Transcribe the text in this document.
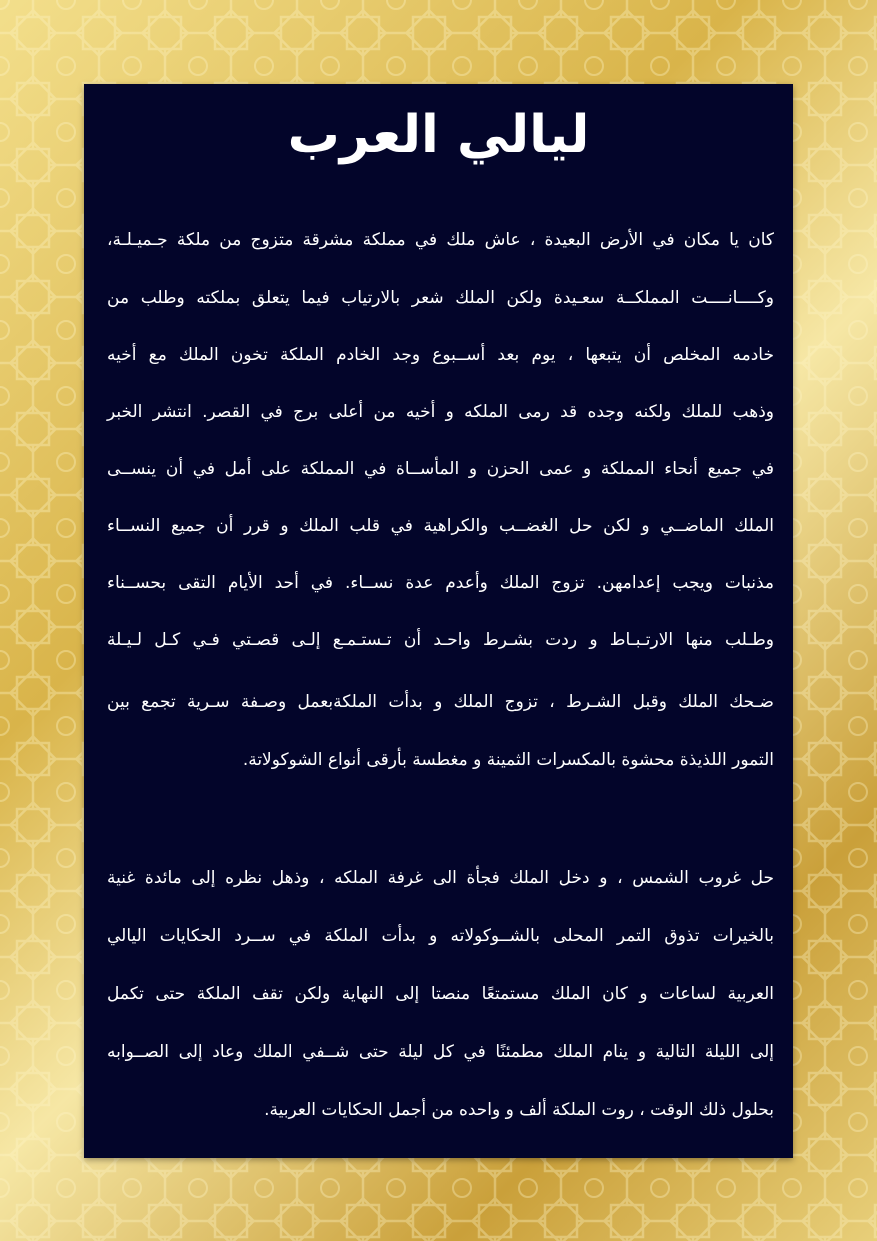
ليالي العرب
كان يا مكان في الأرض البعيدة ، عاش ملك في مملكة مشرقة متزوج من ملكة جـميـلـة،
وكــــانــــت المملكــة سعـيدة ولكن الملك شعر بالارتياب فيما يتعلق بملكته وطلب من
خادمه المخلص أن يتبعها ، يوم بعد أســبوع وجد الخادم الملكة تخون الملك مع أخيه
وذهب للملك ولكنه وجده قد رمى الملكه و أخيه من أعلى برج في القصر. انتشر الخبر
في جميع أنحاء المملكة و عمى الحزن و المأســاة في المملكة على أمل في أن ينســى
الملك الماضــي و لكن حل الغضــب والكراهية في قلب الملك و قرر أن جميع النســاء
مذنبات ويجب إعدامهن. تزوج الملك وأعدم عدة نســاء. في أحد الأيام التقى بحســناء
وطـلب منها الارتـبـاط و ردت بشـرط واحـد أن تـستـمـع إلـى قصـتي فـي كـل لـيـلة
ضـحك الملك وقبل الشـرط ، تزوج الملك و بدأت الملكةبعمل وصـفة سـرية تجمع بين
التمور اللذيذة محشوة بالمكسرات الثمينة و مغطسة بأرقى أنواع الشوكولاتة.
حل غروب الشمس ، و دخل الملك فجأة الى غرفة الملكه ، وذهل نظره إلى مائدة غنية
بالخيرات تذوق التمر المحلى بالشــوكولاته و بدأت الملكة في ســرد الحكايات اليالي
العربية لساعات و كان الملك مستمتعًا منصتا إلى النهاية ولكن تقف الملكة حتى تكمل
إلى الليلة التالية و ينام الملك مطمئنًا في كل ليلة حتى شــفي الملك وعاد إلى الصــوابه
بحلول ذلك الوقت ، روت الملكة ألف و واحده من أجمل الحكايات العربية.
